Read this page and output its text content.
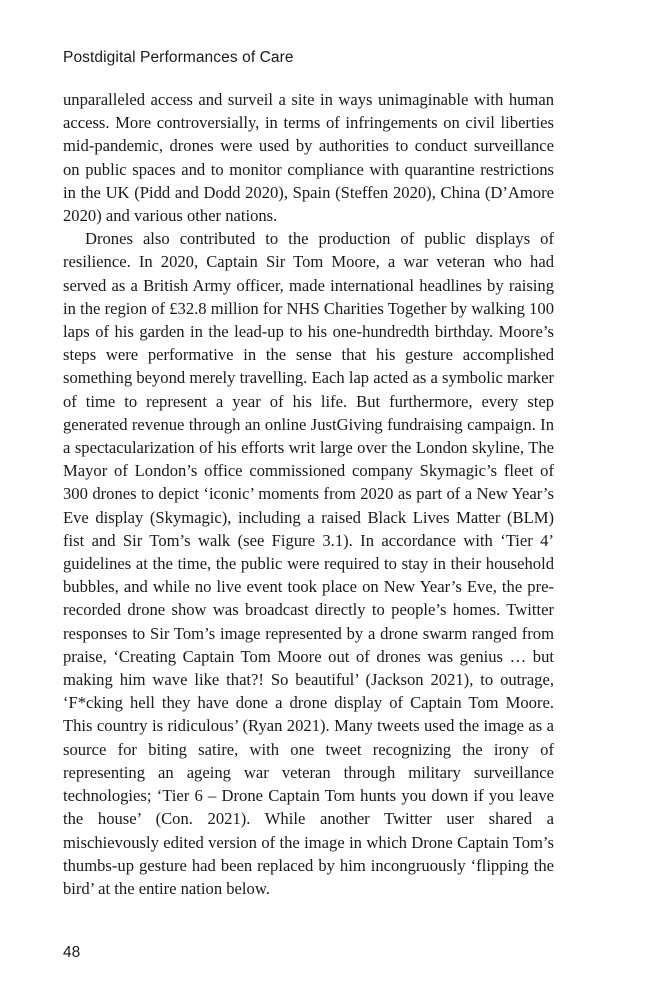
Postdigital Performances of Care

unparalleled access and surveil a site in ways unimaginable with human access. More controversially, in terms of infringements on civil liberties mid-pandemic, drones were used by authorities to conduct surveillance on public spaces and to monitor compliance with quarantine restrictions in the UK (Pidd and Dodd 2020), Spain (Steffen 2020), China (D’Amore 2020) and various other nations.

Drones also contributed to the production of public displays of resilience. In 2020, Captain Sir Tom Moore, a war veteran who had served as a British Army officer, made international headlines by raising in the region of £32.8 million for NHS Charities Together by walking 100 laps of his garden in the lead-up to his one-hundredth birthday. Moore’s steps were performative in the sense that his gesture accomplished something beyond merely travelling. Each lap acted as a symbolic marker of time to represent a year of his life. But furthermore, every step generated revenue through an online JustGiving fundraising campaign. In a spectacularization of his efforts writ large over the London skyline, The Mayor of London’s office commissioned company Skymagic’s fleet of 300 drones to depict ‘iconic’ moments from 2020 as part of a New Year’s Eve display (Skymagic), including a raised Black Lives Matter (BLM) fist and Sir Tom’s walk (see Figure 3.1). In accordance with ‘Tier 4’ guidelines at the time, the public were required to stay in their household bubbles, and while no live event took place on New Year’s Eve, the pre-recorded drone show was broadcast directly to people’s homes. Twitter responses to Sir Tom’s image represented by a drone swarm ranged from praise, ‘Creating Captain Tom Moore out of drones was genius … but making him wave like that?! So beautiful’ (Jackson 2021), to outrage, ‘F*cking hell they have done a drone display of Captain Tom Moore. This country is ridiculous’ (Ryan 2021). Many tweets used the image as a source for biting satire, with one tweet recognizing the irony of representing an ageing war veteran through military surveillance technologies; ‘Tier 6 – Drone Captain Tom hunts you down if you leave the house’ (Con. 2021). While another Twitter user shared a mischievously edited version of the image in which Drone Captain Tom’s thumbs-up gesture had been replaced by him incongruously ‘flipping the bird’ at the entire nation below.

48
